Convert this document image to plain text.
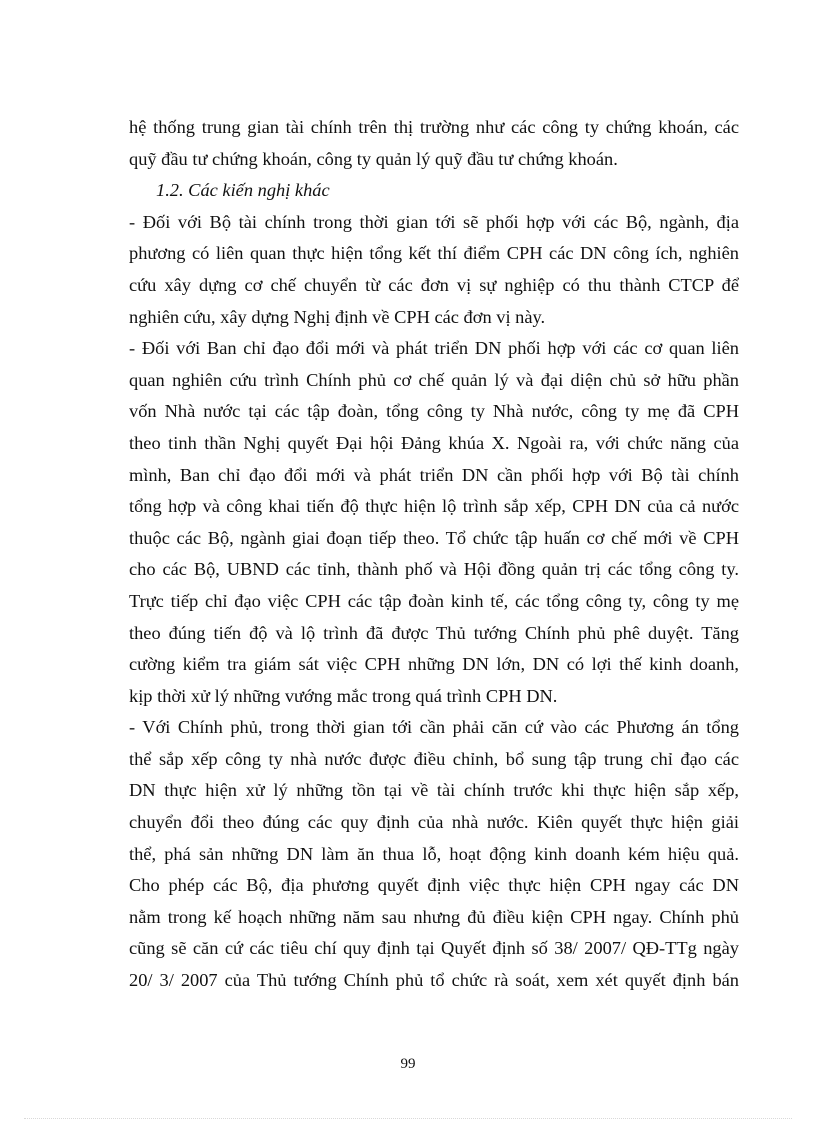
hệ thống trung gian tài chính trên thị trường như các công ty chứng khoán, các
quỹ đầu tư chứng khoán, công ty quản lý quỹ đầu tư chứng khoán.
1.2. Các kiến nghị khác
- Đối với Bộ tài chính trong thời gian tới sẽ phối hợp với các Bộ, ngành, địa
phương có liên quan thực hiện tổng kết thí điểm CPH các DN công ích, nghiên
cứu xây dựng cơ chế chuyển từ các đơn vị sự nghiệp có thu thành CTCP để
nghiên cứu, xây dựng Nghị định về CPH các đơn vị này.
- Đối với Ban chỉ đạo đổi mới và phát triển DN phối hợp với các cơ quan liên
quan nghiên cứu trình Chính phủ cơ chế quản lý và đại diện chủ sở hữu phần
vốn Nhà nước tại các tập đoàn, tổng công ty Nhà nước, công ty mẹ đã CPH
theo tinh thần Nghị quyết Đại hội Đảng khúa X. Ngoài ra, với chức năng của
mình, Ban chỉ đạo đổi mới và phát triển DN cần phối hợp với Bộ tài chính
tổng hợp và công khai tiến độ thực hiện lộ trình sắp xếp, CPH DN của cả nước
thuộc các Bộ, ngành giai đoạn tiếp theo. Tổ chức tập huấn cơ chế mới về CPH
cho các Bộ, UBND các tỉnh, thành phố và Hội đồng quản trị các tổng công ty.
Trực tiếp chỉ đạo việc CPH các tập đoàn kinh tế, các tổng công ty, công ty mẹ
theo đúng tiến độ và lộ trình đã được Thủ tướng Chính phủ phê duyệt. Tăng
cường kiểm tra giám sát việc CPH những DN lớn, DN có lợi thế kinh doanh,
kịp thời xử lý những vướng mắc trong quá trình CPH DN.
- Với Chính phủ, trong thời gian tới cần phải căn cứ vào các Phương án tổng
thể sắp xếp công ty nhà nước được điều chỉnh, bổ sung tập trung chỉ đạo các
DN thực hiện xử lý những tồn tại về tài chính trước khi thực hiện sắp xếp,
chuyển đổi theo đúng các quy định của nhà nước. Kiên quyết thực hiện giải
thể, phá sản những DN làm ăn thua lỗ, hoạt động kinh doanh kém hiệu quả.
Cho phép các Bộ, địa phương quyết định việc thực hiện CPH ngay các DN
nằm trong kế hoạch những năm sau nhưng đủ điều kiện CPH ngay. Chính phủ
cũng sẽ căn cứ các tiêu chí quy định tại Quyết định số 38/ 2007/ QĐ-TTg ngày
20/ 3/ 2007 của Thủ tướng Chính phủ tổ chức rà soát, xem xét quyết định bán
99
